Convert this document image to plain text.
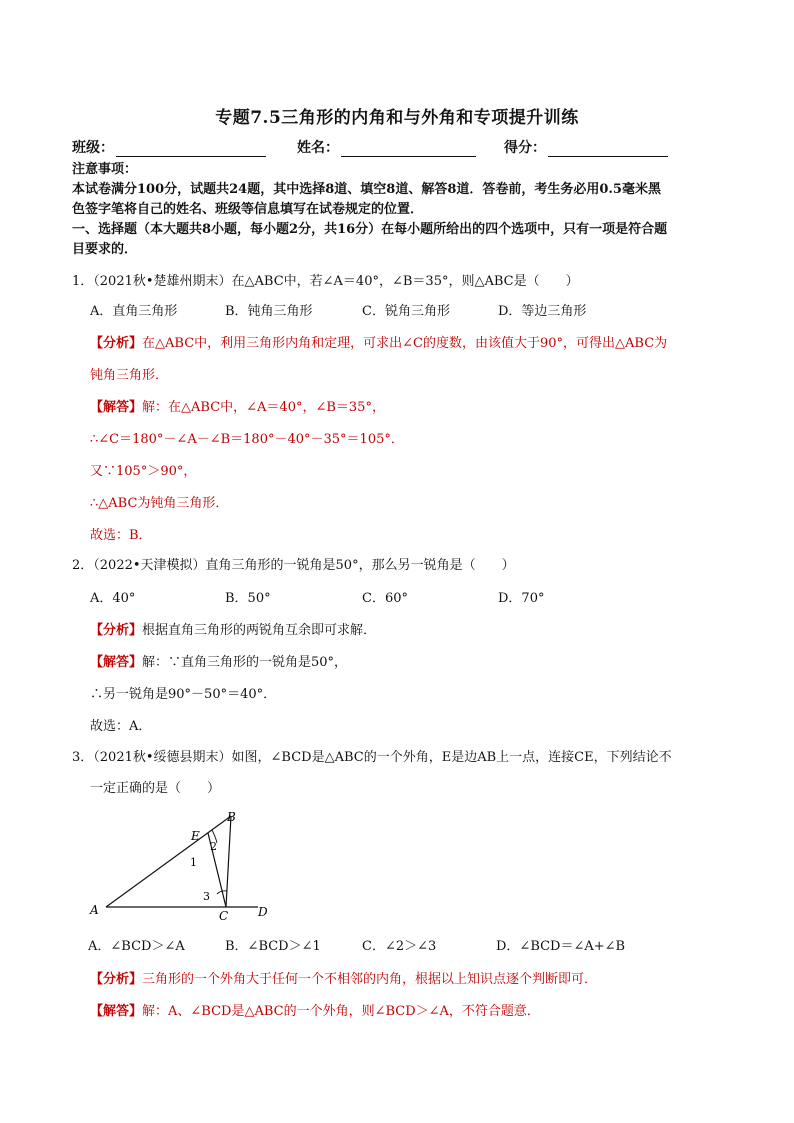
专题7.5三角形的内角和与外角和专项提升训练
班级：	姓名：	得分：
注意事项：
本试卷满分100分，试题共24题，其中选择8道、填空8道、解答8道．答卷前，考生务必用0.5毫米黑
色签字笔将自己的姓名、班级等信息填写在试卷规定的位置．
一、选择题（本大题共8小题，每小题2分，共16分）在每小题所给出的四个选项中，只有一项是符合题
目要求的．
1．（2021秋•楚雄州期末）在△ABC中，若∠A＝40°，∠B＝35°，则△ABC是（　　）
A．直角三角形	B．钝角三角形	C．锐角三角形	D．等边三角形
【分析】在△ABC中，利用三角形内角和定理，可求出∠C的度数，由该值大于90°，可得出△ABC为
钝角三角形．
【解答】解：在△ABC中，∠A＝40°，∠B＝35°，
∴∠C＝180°－∠A－∠B＝180°－40°－35°＝105°．
又∵105°＞90°，
∴△ABC为钝角三角形．
故选：B．
2．（2022•天津模拟）直角三角形的一锐角是50°，那么另一锐角是（　　）
A．40°	B．50°	C．60°	D．70°
【分析】根据直角三角形的两锐角互余即可求解．
【解答】解：∵直角三角形的一锐角是50°，
∴另一锐角是90°－50°＝40°．
故选：A．
3．（2021秋•绥德县期末）如图，∠BCD是△ABC的一个外角，E是边AB上一点，连接CE，下列结论不
一定正确的是（　　）
A
B
C D
E
1
2
3
A．∠BCD＞∠A	B．∠BCD＞∠1	C．∠2＞∠3	D．∠BCD＝∠A+∠B
【分析】三角形的一个外角大于任何一个不相邻的内角，根据以上知识点逐个判断即可．
【解答】解：A、∠BCD是△ABC的一个外角，则∠BCD＞∠A，不符合题意．
